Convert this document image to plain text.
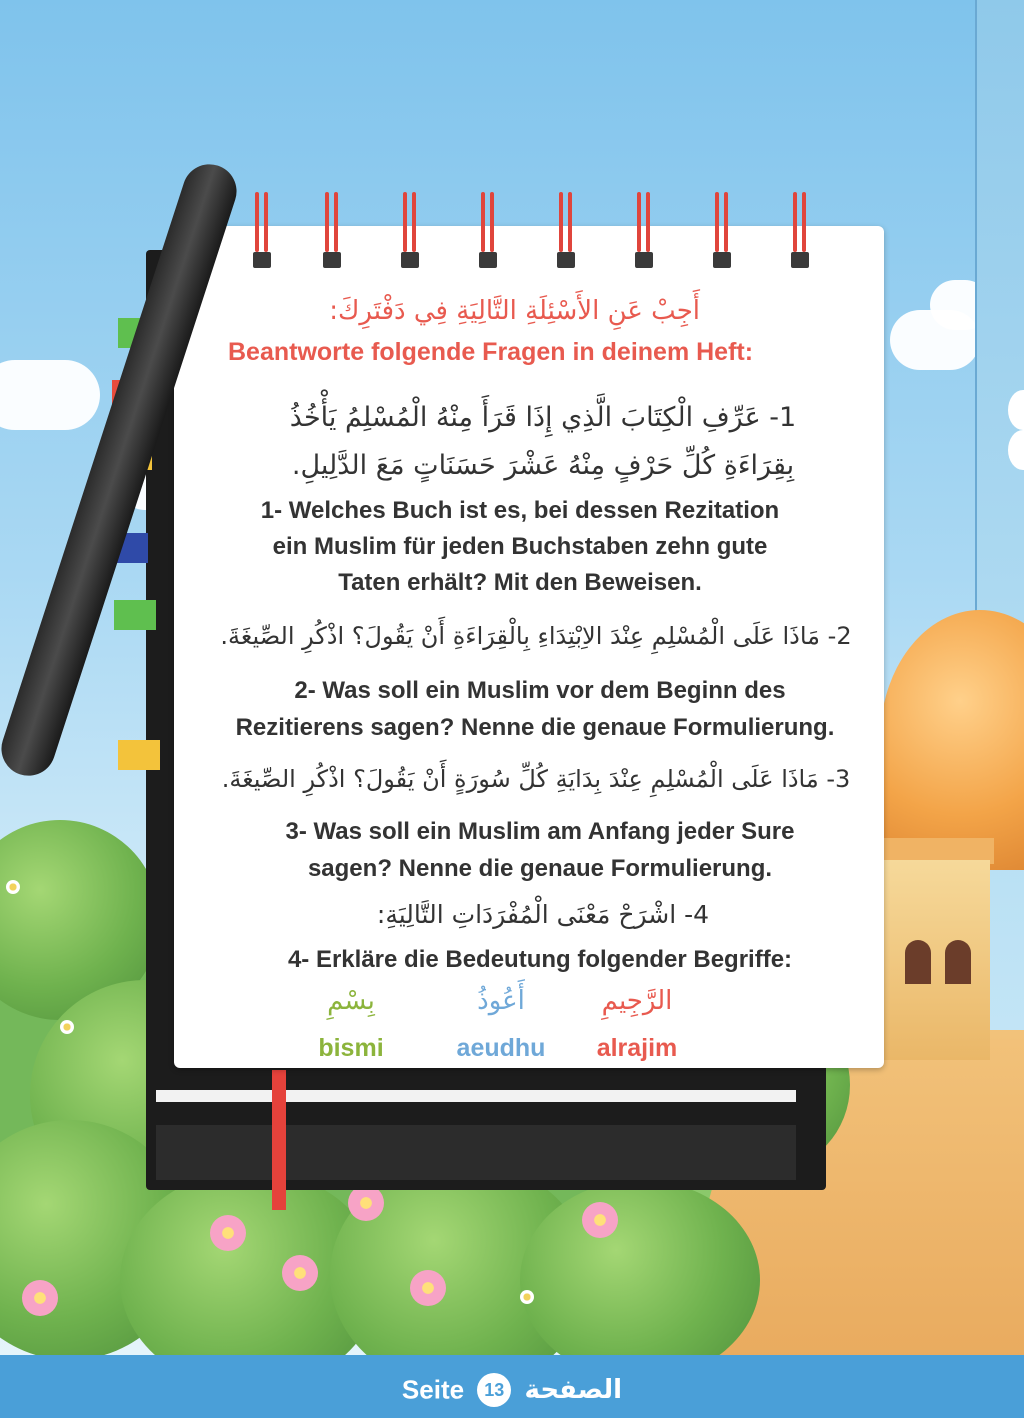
أَجِبْ عَنِ الأَسْئِلَةِ التَّالِيَةِ فِي دَفْتَرِكَ:
Beantworte folgende Fragen in deinem Heft:
1- عَرِّفِ الْكِتَابَ الَّذِي إِذَا قَرَأَ مِنْهُ الْمُسْلِمُ يَأْخُذُ
بِقِرَاءَةِ كُلِّ حَرْفٍ مِنْهُ عَشْرَ حَسَنَاتٍ مَعَ الدَّلِيلِ.
1- Welches Buch ist es, bei dessen Rezitation
ein Muslim für jeden Buchstaben zehn gute
Taten erhält? Mit den Beweisen.
2- مَاذَا عَلَى الْمُسْلِمِ عِنْدَ الاِبْتِدَاءِ بِالْقِرَاءَةِ أَنْ يَقُولَ؟ اذْكُرِ الصِّيغَةَ.
2- Was soll ein Muslim vor dem Beginn des
Rezitierens sagen? Nenne die genaue Formulierung.
3- مَاذَا عَلَى الْمُسْلِمِ عِنْدَ بِدَايَةِ كُلِّ سُورَةٍ أَنْ يَقُولَ؟ اذْكُرِ الصِّيغَةَ.
3- Was soll ein Muslim am Anfang jeder Sure
sagen? Nenne die genaue Formulierung.
4- اشْرَحْ مَعْنَى الْمُفْرَدَاتِ التَّالِيَةِ:
4- Erkläre die Bedeutung folgender Begriffe:
بِسْمِ	أَعُوذُ	الرَّجِيمِ
bismi	aeudhu	alrajim
Seite 13 الصفحة
